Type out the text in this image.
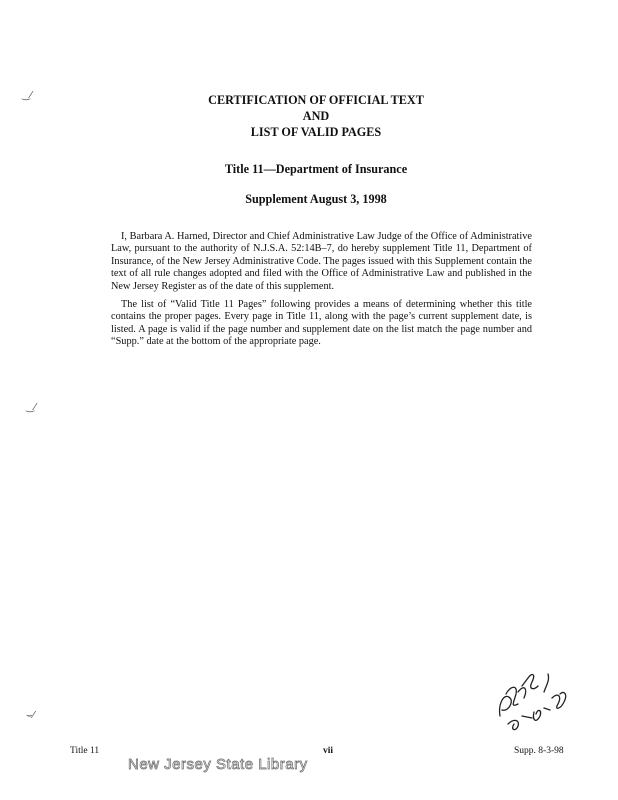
‿⁄
‿⁄
⌣⁄
CERTIFICATION OF OFFICIAL TEXT
AND
LIST OF VALID PAGES
Title 11—Department of Insurance
Supplement August 3, 1998

I, Barbara A. Harned, Director and Chief Administrative Law Judge of the Office of Administrative Law, pursuant to the authority of N.J.S.A. 52:14B–7, do hereby supplement Title 11, Department of Insurance, of the New Jersey Administrative Code. The pages issued with this Supplement contain the text of all rule changes adopted and filed with the Office of Administrative Law and published in the New Jersey Register as of the date of this supplement.

The list of “Valid Title 11 Pages” following provides a means of determining whether this title contains the proper pages. Every page in Title 11, along with the page’s current supplement date, is listed. A page is valid if the page number and supplement date on the list match the page number and “Supp.” date at the bottom of the appropriate page.

Title 11	vii	Supp. 8-3-98
New Jersey State Library
